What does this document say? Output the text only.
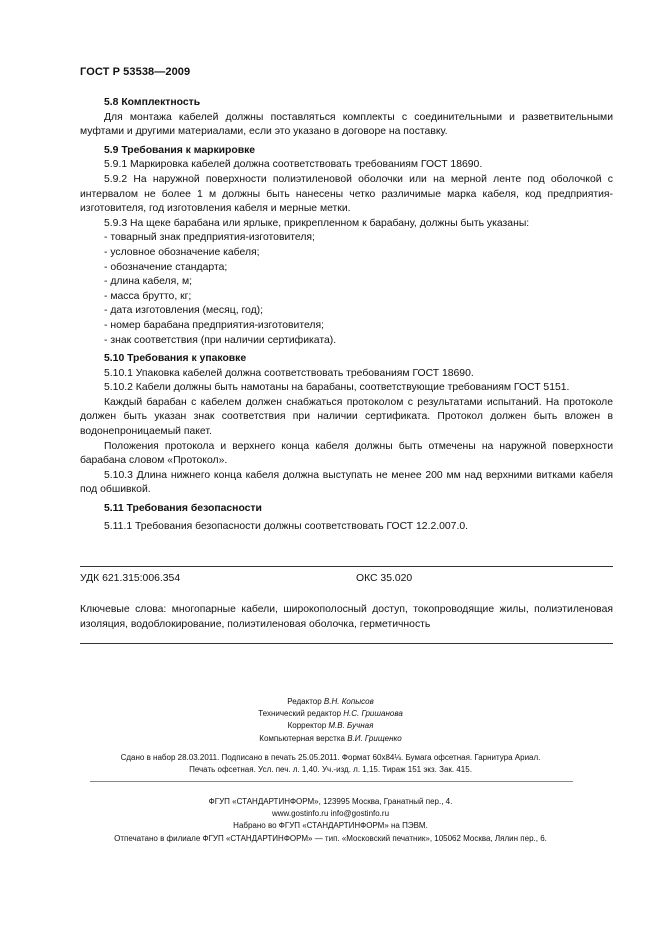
ГОСТ Р 53538—2009

5.8 Комплектность

Для монтажа кабелей должны поставляться комплекты с соединительными и разветвительными муфтами и другими материалами, если это указано в договоре на поставку.

5.9 Требования к маркировке

5.9.1 Маркировка кабелей должна соответствовать требованиям ГОСТ 18690.

5.9.2 На наружной поверхности полиэтиленовой оболочки или на мерной ленте под оболочкой с интервалом не более 1 м должны быть нанесены четко различимые марка кабеля, код предприятия-изготовителя, год изготовления кабеля и мерные метки.

5.9.3 На щеке барабана или ярлыке, прикрепленном к барабану, должны быть указаны:

- товарный знак предприятия-изготовителя;

- условное обозначение кабеля;

- обозначение стандарта;

- длина кабеля, м;

- масса брутто, кг;

- дата изготовления (месяц, год);

- номер барабана предприятия-изготовителя;

- знак соответствия (при наличии сертификата).

5.10 Требования к упаковке

5.10.1 Упаковка кабелей должна соответствовать требованиям ГОСТ 18690.

5.10.2 Кабели должны быть намотаны на барабаны, соответствующие требованиям ГОСТ 5151.

Каждый барабан с кабелем должен снабжаться протоколом с результатами испытаний. На протоколе должен быть указан знак соответствия при наличии сертификата. Протокол должен быть вложен в водонепроницаемый пакет.

Положения протокола и верхнего конца кабеля должны быть отмечены на наружной поверхности барабана словом «Протокол».

5.10.3 Длина нижнего конца кабеля должна выступать не менее 200 мм над верхними витками кабеля под обшивкой.

5.11 Требования безопасности

5.11.1 Требования безопасности должны соответствовать ГОСТ 12.2.007.0.

УДК 621.315:006.354	ОКС 35.020
Ключевые слова: многопарные кабели, широкополосный доступ, токопроводящие жилы, полиэтиленовая изоляция, водоблокирование, полиэтиленовая оболочка, герметичность
Редактор В.Н. Копысов
Технический редактор Н.С. Гришанова
Корректор М.В. Бучная
Компьютерная верстка В.И. Грищенко
Сдано в набор 28.03.2011. Подписано в печать 25.05.2011. Формат 60x84⅛. Бумага офсетная. Гарнитура Ариал.
Печать офсетная. Усл. печ. л. 1,40. Уч.-изд. л. 1,15. Тираж 151 экз. Зак. 415.
ФГУП «СТАНДАРТИНФОРМ», 123995 Москва, Гранатный пер., 4.
www.gostinfo.ru info@gostinfo.ru
Набрано во ФГУП «СТАНДАРТИНФОРМ» на ПЭВМ.
Отпечатано в филиале ФГУП «СТАНДАРТИНФОРМ» — тип. «Московский печатник», 105062 Москва, Лялин пер., 6.
